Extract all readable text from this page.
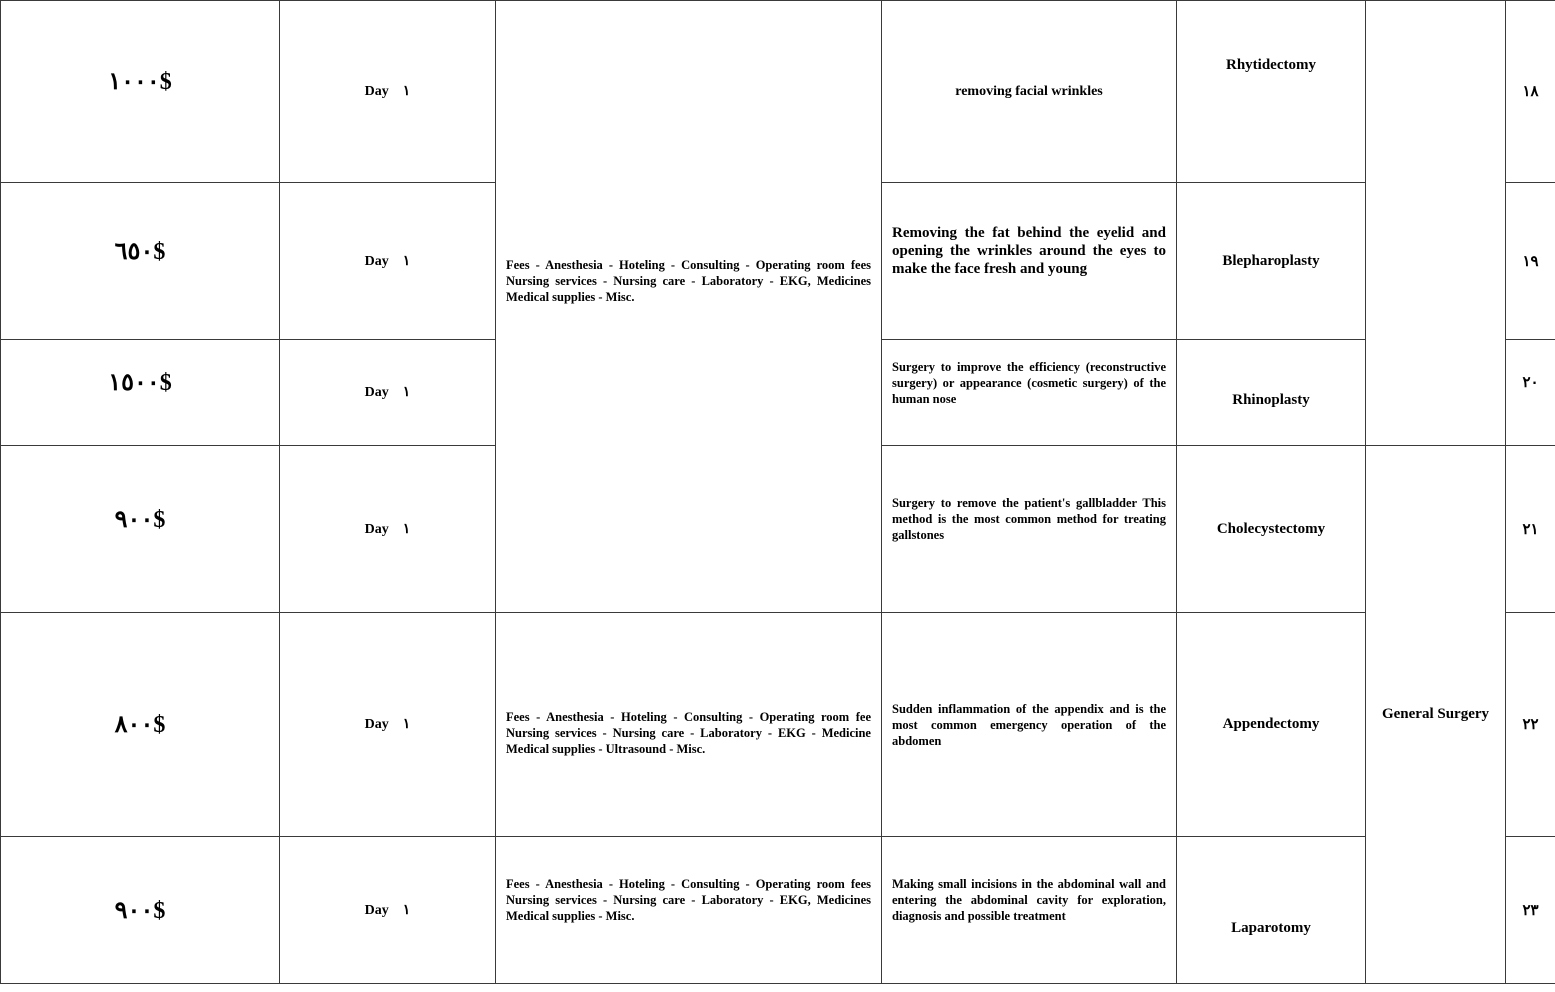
١٠٠٠$	Day ١	Fees - Anesthesia - Hoteling - Consulting - Operating room fees Nursing services - Nursing care - Laboratory - EKG, Medicines Medical supplies - Misc.	removing facial wrinkles	Rhytidectomy		١٨
٦٥٠$	Day ١		Removing the fat behind the eyelid and opening the wrinkles around the eyes to make the face fresh and young	Blepharoplasty		١٩
١٥٠٠$	Day ١		Surgery to improve the efficiency (reconstructive surgery) or appearance (cosmetic surgery) of the human nose	Rhinoplasty		٢٠
٩٠٠$	Day ١		Surgery to remove the patient's gallbladder This method is the most common method for treating gallstones	Cholecystectomy	General Surgery	٢١
٨٠٠$	Day ١	Fees - Anesthesia - Hoteling - Consulting - Operating room fee Nursing services - Nursing care - Laboratory - EKG - Medicine Medical supplies - Ultrasound - Misc.	Sudden inflammation of the appendix and is the most common emergency operation of the abdomen	Appendectomy		٢٢
٩٠٠$	Day ١	Fees - Anesthesia - Hoteling - Consulting - Operating room fees Nursing services - Nursing care - Laboratory - EKG, Medicines Medical supplies - Misc.	Making small incisions in the abdominal wall and entering the abdominal cavity for exploration, diagnosis and possible treatment	Laparotomy		٢٣
